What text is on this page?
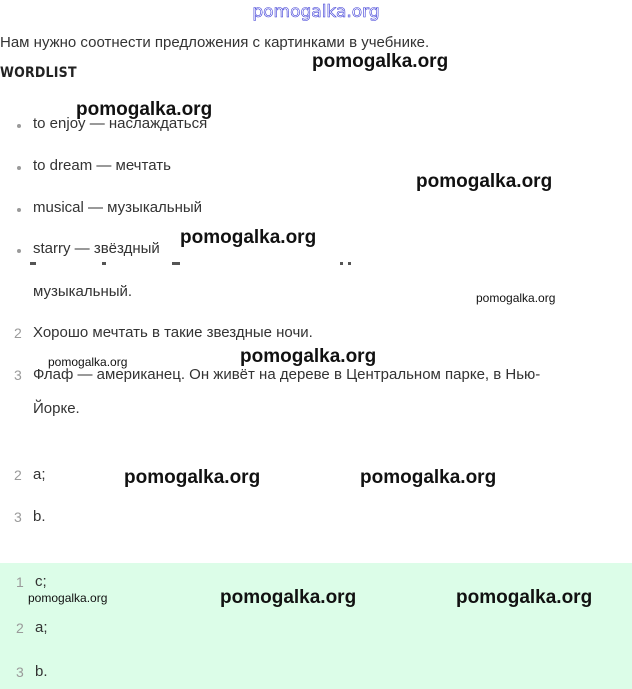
pomogalka.org
Нам нужно соотнести предложения с картинками в учебнике.
WORDLIST
to enjoy — наслаждаться
to dream — мечтать
musical — музыкальный
starry — звёздный
музыкальный.
2 Хорошо мечтать в такие звездные ночи.
3 Флаф — американец. Он живёт на дереве в Центральном парке, в Нью-
Йорке.
2 a;
3 b.
1 c;
2 a;
3 b.
pomogalka.org
pomogalka.org
pomogalka.org
pomogalka.org
pomogalka.org
pomogalka.org
pomogalka.org
pomogalka.org	pomogalka.org
pomogalka.org	pomogalka.org	pomogalka.org
